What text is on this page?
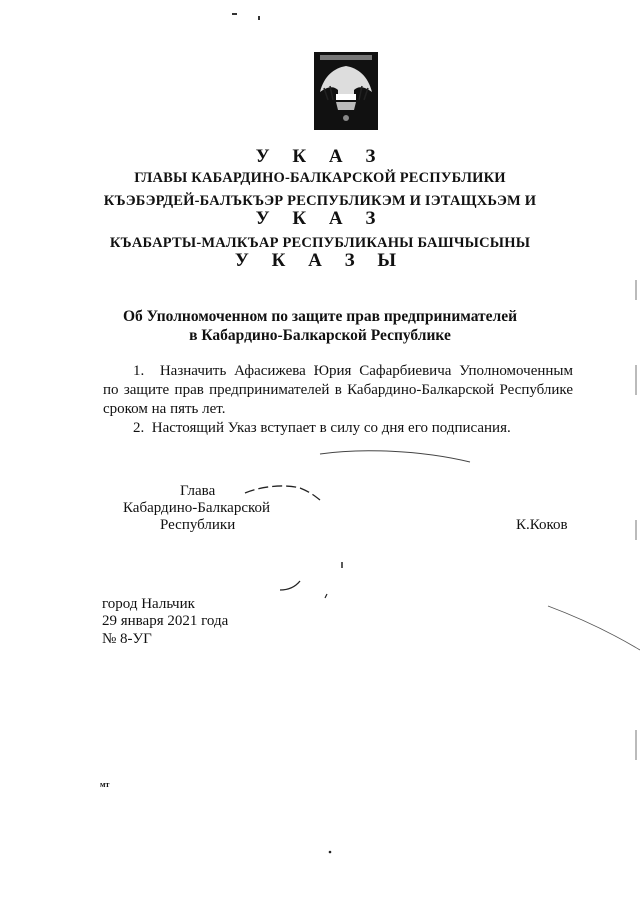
У К А З
ГЛАВЫ КАБАРДИНО-БАЛКАРСКОЙ РЕСПУБЛИКИ
КЪЭБЭРДЕЙ-БАЛЪКЪЭР РЕСПУБЛИКЭМ И IЭТАЩХЬЭМ И
У К А З
КЪАБАРТЫ-МАЛКЪАР РЕСПУБЛИКАНЫ БАШЧЫСЫНЫ
У К А З Ы
Об Уполномоченном по защите прав предпринимателей
в Кабардино-Балкарской Республике
1. Назначить Афасижева Юрия Сафарбиевича Уполномоченным
по защите прав предпринимателей в Кабардино-Балкарской Республике
сроком на пять лет.
2. Настоящий Указ вступает в силу со дня его подписания.
Глава
Кабардино-Балкарской
Республики	К.Коков
город Нальчик
29 января 2021 года
№ 8-УГ
мт
